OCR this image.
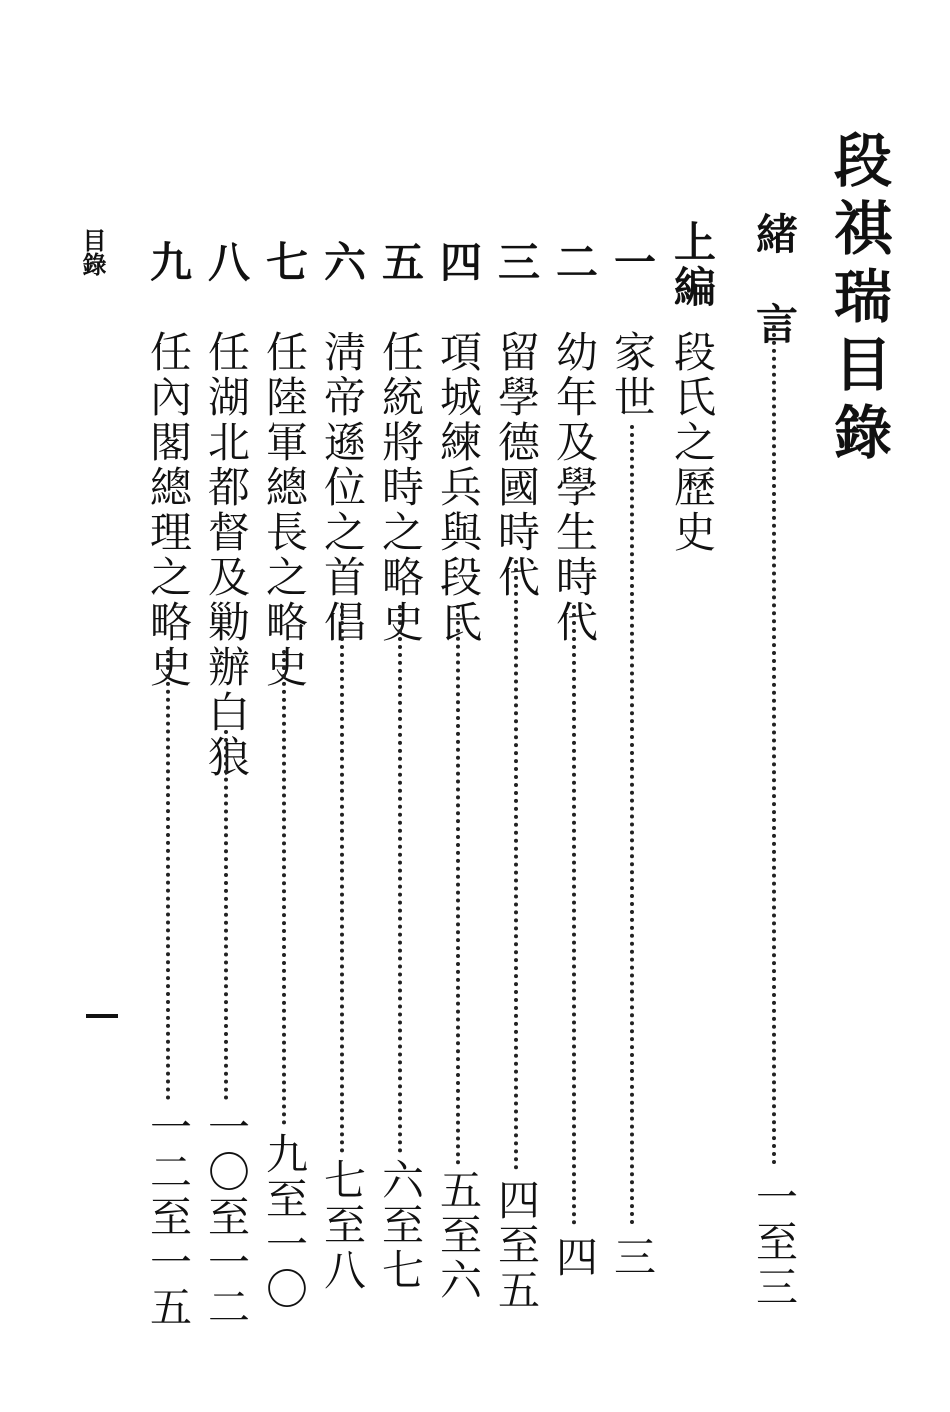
段祺瑞目錄
緒　言
一至三
上編
段氏之歷史
一
家世
三
二
幼年及學生時代
四
三
留學德國時代
四至五
四
項城練兵與段氏
五至六
五
任統將時之略史
六至七
六
淸帝遜位之首倡
七至八
七
任陸軍總長之略史
九至一〇
八
任湖北都督及勦辦白狼
一〇至一二
九
任內閣總理之略史
一二至一五
目錄
